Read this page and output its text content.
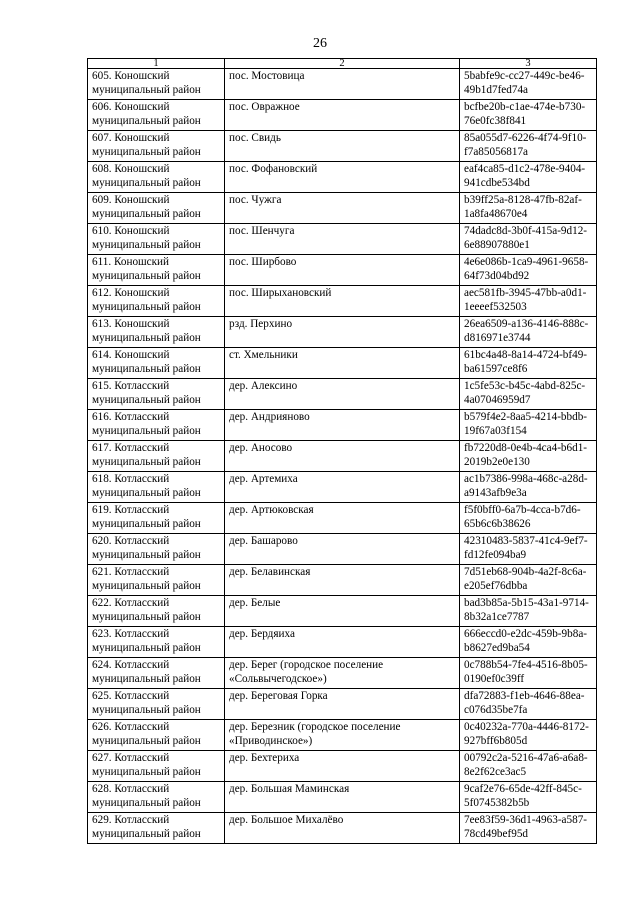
26
1	2	3
605. Коношский
муниципальный район	пос. Мостовица	5babfe9c-cc27-449c-be46-
49b1d7fed74a
606. Коношский
муниципальный район	пос. Овражное	bcfbe20b-c1ae-474e-b730-
76e0fc38f841
607. Коношский
муниципальный район	пос. Свидь	85a055d7-6226-4f74-9f10-
f7a85056817a
608. Коношский
муниципальный район	пос. Фофановский	eaf4ca85-d1c2-478e-9404-
941cdbe534bd
609. Коношский
муниципальный район	пос. Чужга	b39ff25a-8128-47fb-82af-
1a8fa48670e4
610. Коношский
муниципальный район	пос. Шенчуга	74dadc8d-3b0f-415a-9d12-
6e88907880e1
611. Коношский
муниципальный район	пос. Ширбово	4e6e086b-1ca9-4961-9658-
64f73d04bd92
612. Коношский
муниципальный район	пос. Ширыхановский	aec581fb-3945-47bb-a0d1-
1eeeef532503
613. Коношский
муниципальный район	рзд. Перхино	26ea6509-a136-4146-888c-
d816971e3744
614. Коношский
муниципальный район	ст. Хмельники	61bc4a48-8a14-4724-bf49-
ba61597ce8f6
615. Котласский
муниципальный район	дер. Алексино	1c5fe53c-b45c-4abd-825c-
4a07046959d7
616. Котласский
муниципальный район	дер. Андрияново	b579f4e2-8aa5-4214-bbdb-
19f67a03f154
617. Котласский
муниципальный район	дер. Аносово	fb7220d8-0e4b-4ca4-b6d1-
2019b2e0e130
618. Котласский
муниципальный район	дер. Артемиха	ac1b7386-998a-468c-a28d-
a9143afb9e3a
619. Котласский
муниципальный район	дер. Артюковская	f5f0bff0-6a7b-4cca-b7d6-
65b6c6b38626
620. Котласский
муниципальный район	дер. Башарово	42310483-5837-41c4-9ef7-
fd12fe094ba9
621. Котласский
муниципальный район	дер. Белавинская	7d51eb68-904b-4a2f-8c6a-
e205ef76dbba
622. Котласский
муниципальный район	дер. Белые	bad3b85a-5b15-43a1-9714-
8b32a1ce7787
623. Котласский
муниципальный район	дер. Бердяиха	666eccd0-e2dc-459b-9b8a-
b8627ed9ba54
624. Котласский
муниципальный район	дер. Берег (городское поселение
«Сольвычегодское»)	0c788b54-7fe4-4516-8b05-
0190ef0c39ff
625. Котласский
муниципальный район	дер. Береговая Горка	dfa72883-f1eb-4646-88ea-
c076d35be7fa
626. Котласский
муниципальный район	дер. Березник (городское поселение
«Приводинское»)	0c40232a-770a-4446-8172-
927bff6b805d
627. Котласский
муниципальный район	дер. Бехтериха	00792c2a-5216-47a6-a6a8-
8e2f62ce3ac5
628. Котласский
муниципальный район	дер. Большая Маминская	9caf2e76-65de-42ff-845c-
5f0745382b5b
629. Котласский
муниципальный район	дер. Большое Михалёво	7ee83f59-36d1-4963-a587-
78cd49bef95d
